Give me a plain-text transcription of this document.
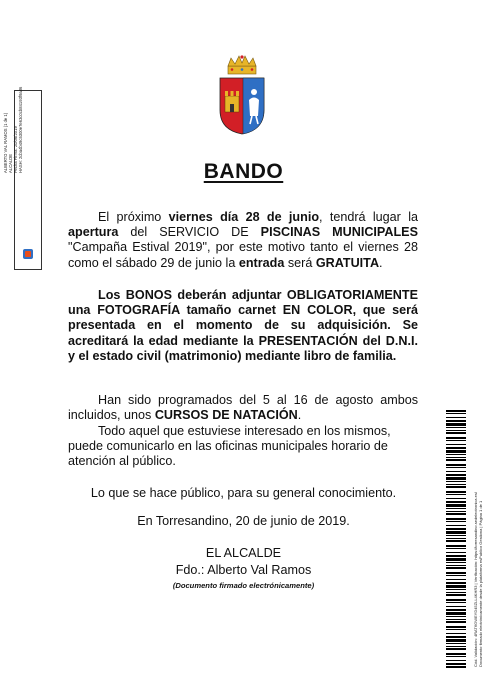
ALBERTO VAL RAMOS (1 de 1) ALCALDE Fecha Firma: 20/06/2019 HASH: 2cba4b49c5300e7e63c0cb84193f9a86
Cód. Validación: 4RAT6GWEYD45ZLL4KHR3 | Verificación: https://torresandino.sedelectronica.es/ Documento firmado electrónicamente desde la plataforma esPublico Gestiona | Página 1 de 1
BANDO
El próximo viernes día 28 de junio, tendrá lugar la apertura del SERVICIO DE PISCINAS MUNICIPALES "Campaña Estival 2019", por este motivo tanto el viernes 28 como el sábado 29 de junio la entrada será GRATUITA.
Los BONOS deberán adjuntar OBLIGATORIAMENTE una FOTOGRAFÍA tamaño carnet EN COLOR, que será presentada en el momento de su adquisición. Se acreditará la edad mediante la PRESENTACIÓN del D.N.I. y el estado civil (matrimonio) mediante libro de familia.
Han sido programados del 5 al 16 de agosto ambos incluidos, unos CURSOS DE NATACIÓN.
Todo aquel que estuviese interesado en los mismos, puede comunicarlo en las oficinas municipales horario de atención al público.
Lo que se hace público, para su general conocimiento.
En Torresandino, 20 de junio de 2019.
EL ALCALDE
Fdo.: Alberto Val Ramos
(Documento firmado electrónicamente)
